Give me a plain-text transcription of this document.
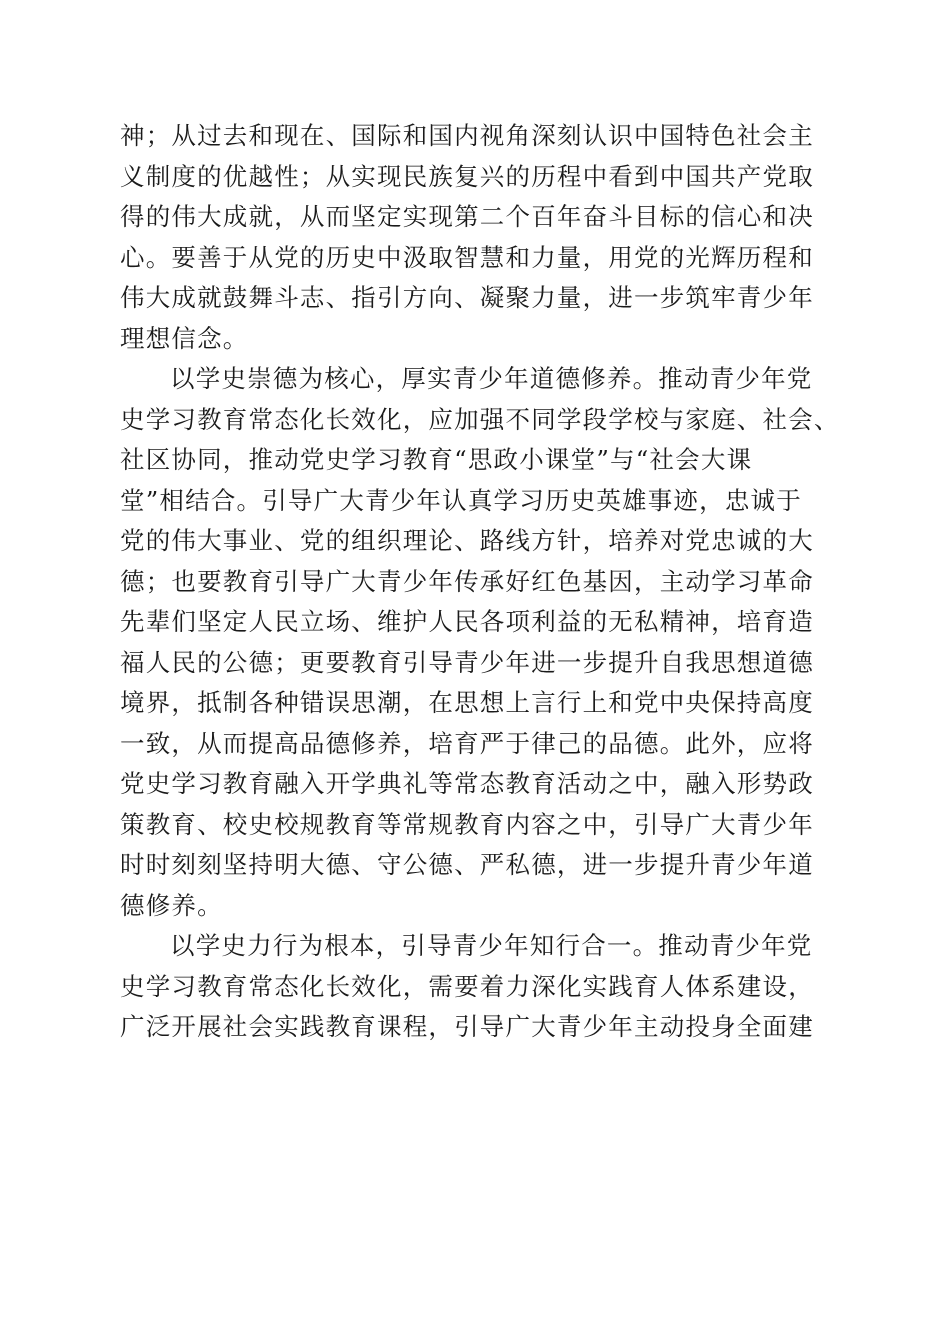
神；从过去和现在、国际和国内视角深刻认识中国特色社会主
义制度的优越性；从实现民族复兴的历程中看到中国共产党取
得的伟大成就，从而坚定实现第二个百年奋斗目标的信心和决
心。要善于从党的历史中汲取智慧和力量，用党的光辉历程和
伟大成就鼓舞斗志、指引方向、凝聚力量，进一步筑牢青少年
理想信念。
以学史崇德为核心，厚实青少年道德修养。推动青少年党
史学习教育常态化长效化，应加强不同学段学校与家庭、社会、
社区协同，推动党史学习教育“思政小课堂”与“社会大课
堂”相结合。引导广大青少年认真学习历史英雄事迹，忠诚于
党的伟大事业、党的组织理论、路线方针，培养对党忠诚的大
德；也要教育引导广大青少年传承好红色基因，主动学习革命
先辈们坚定人民立场、维护人民各项利益的无私精神，培育造
福人民的公德；更要教育引导青少年进一步提升自我思想道德
境界，抵制各种错误思潮，在思想上言行上和党中央保持高度
一致，从而提高品德修养，培育严于律己的品德。此外，应将
党史学习教育融入开学典礼等常态教育活动之中，融入形势政
策教育、校史校规教育等常规教育内容之中，引导广大青少年
时时刻刻坚持明大德、守公德、严私德，进一步提升青少年道
德修养。
以学史力行为根本，引导青少年知行合一。推动青少年党
史学习教育常态化长效化，需要着力深化实践育人体系建设，
广泛开展社会实践教育课程，引导广大青少年主动投身全面建
